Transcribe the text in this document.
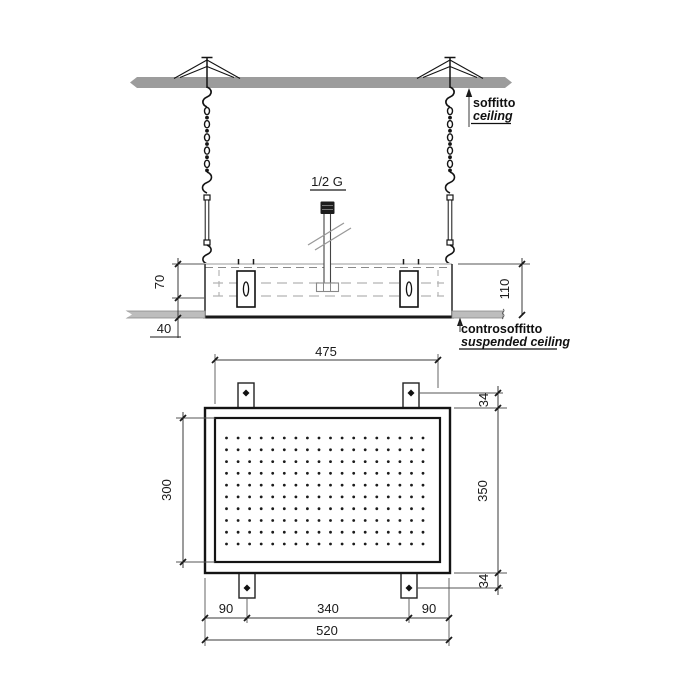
soffitto
ceiling
1/2 G
controsoffitto
suspended ceiling
70
40
110
475
300
34
350
34
90	340	90
520
